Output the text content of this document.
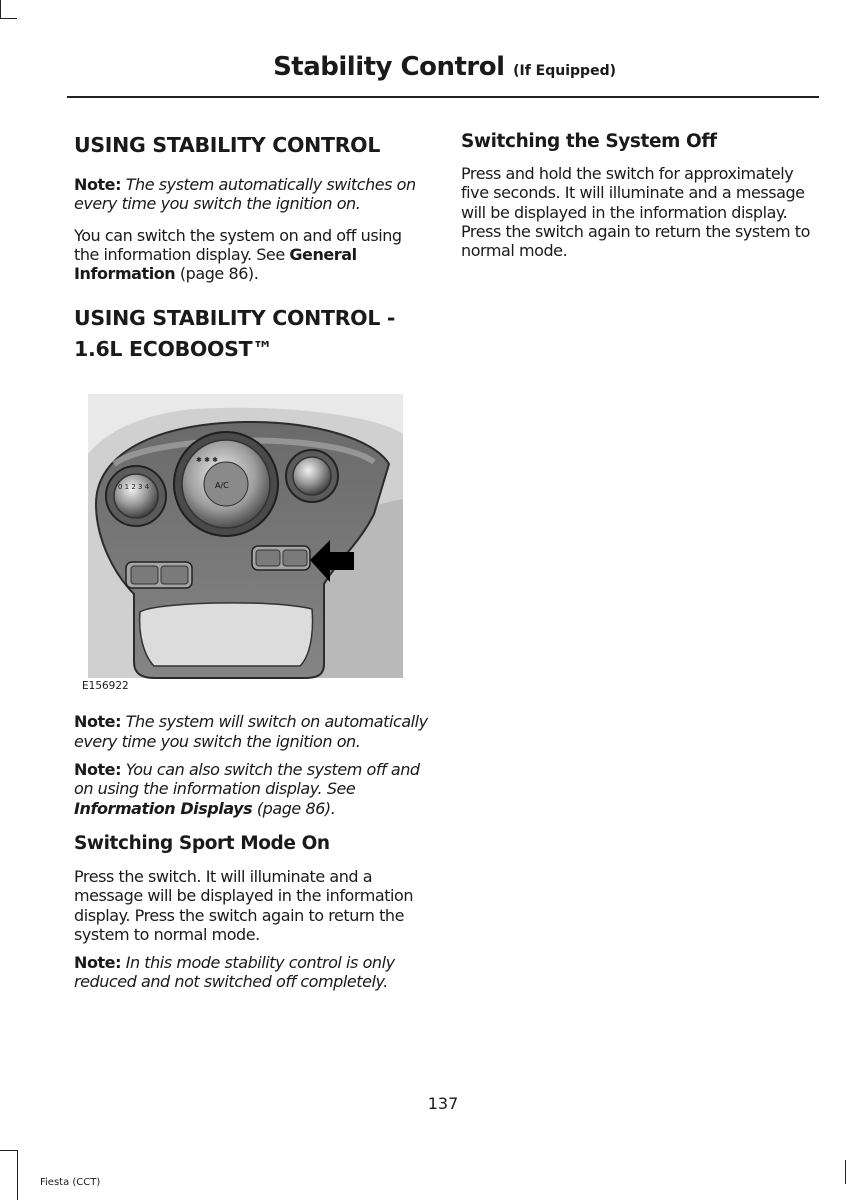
Stability Control (If Equipped)
USING STABILITY CONTROL

Note: The system automatically switches on every time you switch the ignition on.

You can switch the system on and off using the information display. See General Information (page 86).

USING STABILITY CONTROL - 1.6L ECOBOOST™
0 1 2 3 4	A/C
✱ ✱ ✱
E156922

Note: The system will switch on automatically every time you switch the ignition on.

Note: You can also switch the system off and on using the information display. See Information Displays (page 86).

Switching Sport Mode On

Press the switch. It will illuminate and a message will be displayed in the information display. Press the switch again to return the system to normal mode.

Note: In this mode stability control is only reduced and not switched off completely.

Switching the System Off

Press and hold the switch for approximately five seconds. It will illuminate and a message will be displayed in the information display. Press the switch again to return the system to normal mode.

137
Fiesta (CCT)
